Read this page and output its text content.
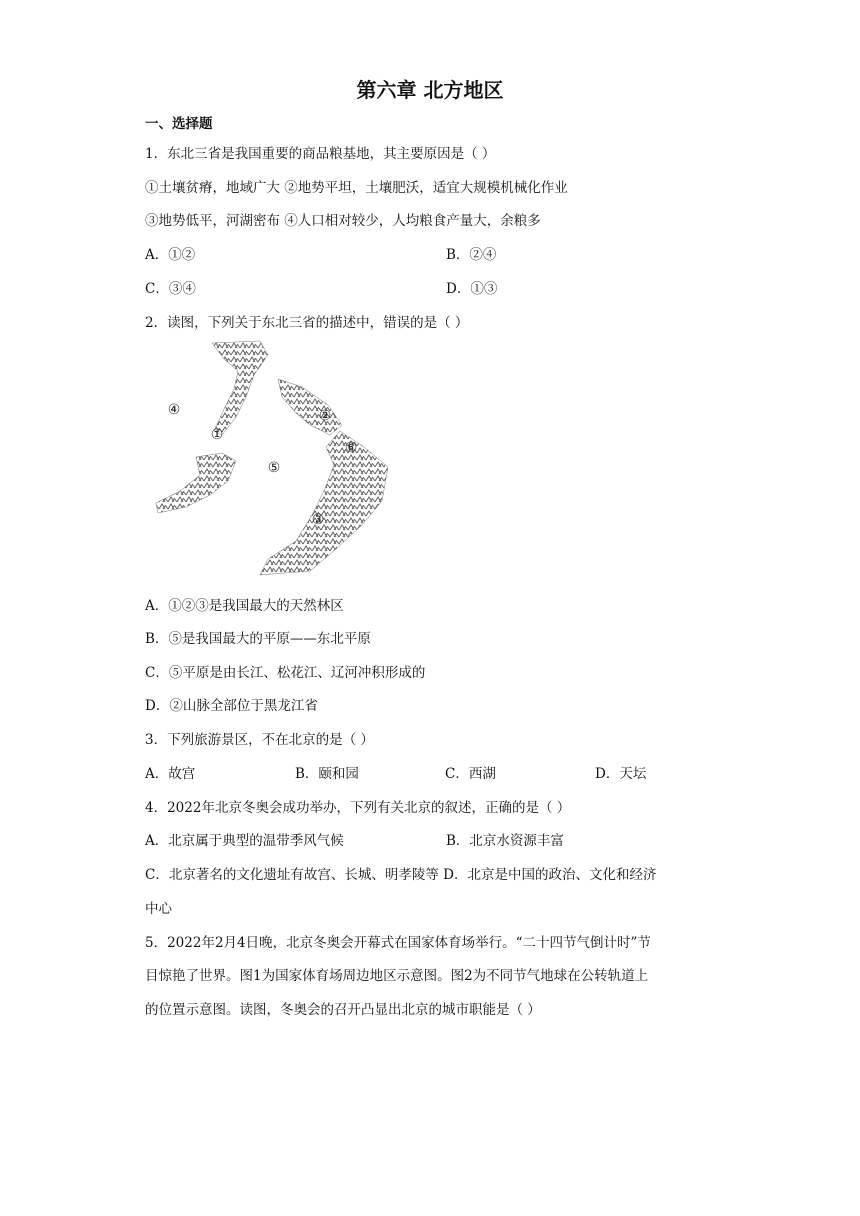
第六章 北方地区
一、选择题
1．东北三省是我国重要的商品粮基地，其主要原因是（ ）
①土壤贫瘠，地域广大 ②地势平坦，土壤肥沃，适宜大规模机械化作业
③地势低平，河湖密布 ④人口相对较少，人均粮食产量大，余粮多
A．①②	B．②④
C．③④	D．①③
2．读图，下列关于东北三省的描述中，错误的是（ ）
④
①
②
⑥
⑤
③
A．①②③是我国最大的天然林区
B．⑤是我国最大的平原——东北平原
C．⑤平原是由长江、松花江、辽河冲积形成的
D．②山脉全部位于黑龙江省
3．下列旅游景区，不在北京的是（ ）
A．故宫	B．颐和园	C．西湖	D．天坛
4．2022年北京冬奥会成功举办，下列有关北京的叙述，正确的是（ ）
A．北京属于典型的温带季风气候	B．北京水资源丰富
C．北京著名的文化遗址有故宫、长城、明孝陵等 D．北京是中国的政治、文化和经济
中心
5．2022年2月4日晚，北京冬奥会开幕式在国家体育场举行。“二十四节气倒计时”节
目惊艳了世界。图1为国家体育场周边地区示意图。图2为不同节气地球在公转轨道上
的位置示意图。读图，冬奥会的召开凸显出北京的城市职能是（ ）
